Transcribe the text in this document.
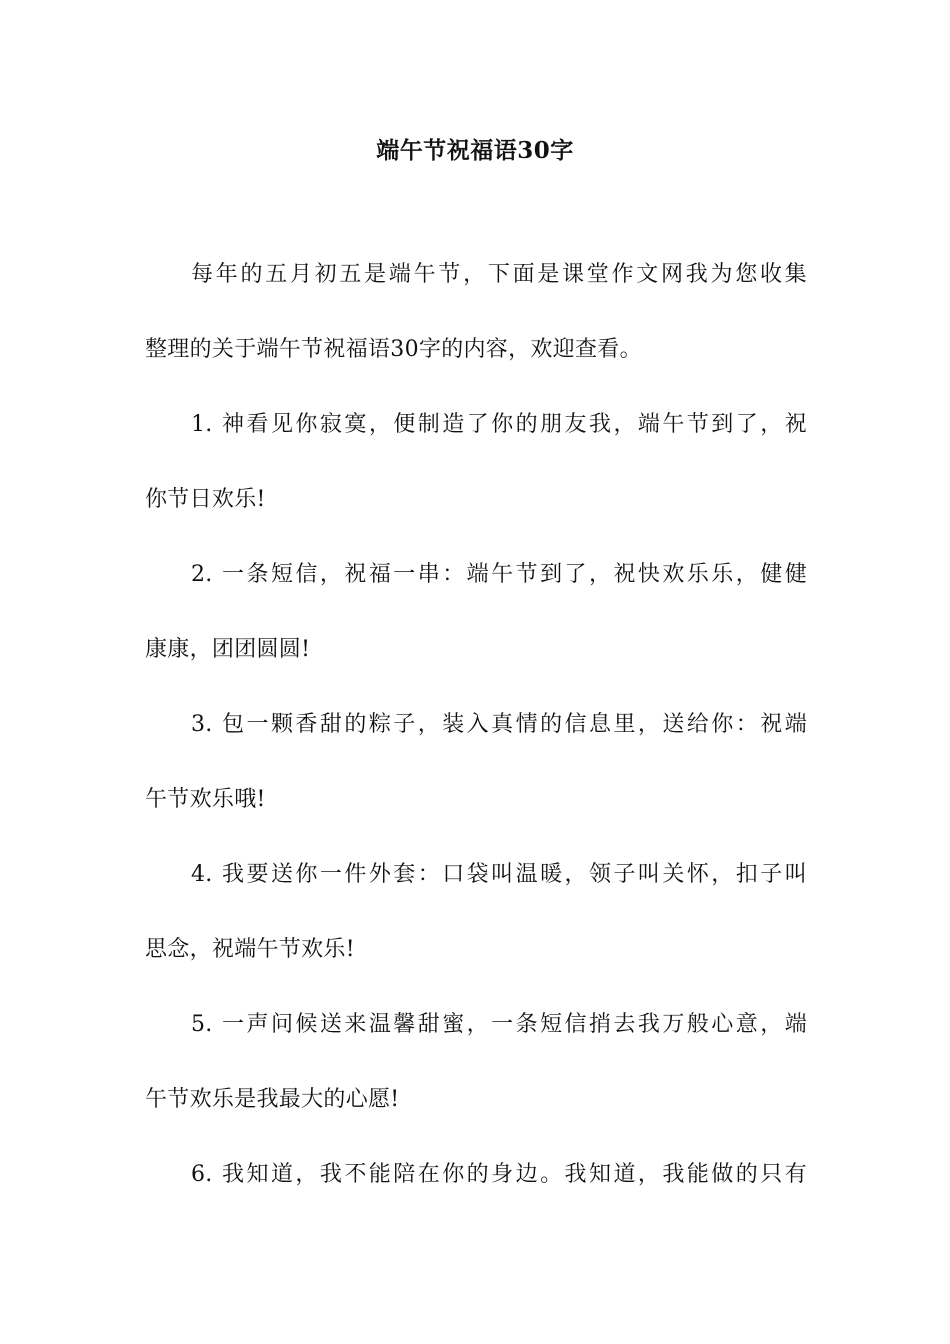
端午节祝福语30字
每年的五月初五是端午节，下面是课堂作文网我为您收集
整理的关于端午节祝福语30字的内容，欢迎查看。
1. 神看见你寂寞，便制造了你的朋友我，端午节到了，祝
你节日欢乐!
2. 一条短信，祝福一串：端午节到了，祝快欢乐乐，健健
康康，团团圆圆!
3. 包一颗香甜的粽子，装入真情的信息里，送给你：祝端
午节欢乐哦!
4. 我要送你一件外套：口袋叫温暖，领子叫关怀，扣子叫
思念，祝端午节欢乐!
5. 一声问候送来温馨甜蜜，一条短信捎去我万般心意，端
午节欢乐是我最大的心愿!
6. 我知道，我不能陪在你的身边。我知道，我能做的只有
